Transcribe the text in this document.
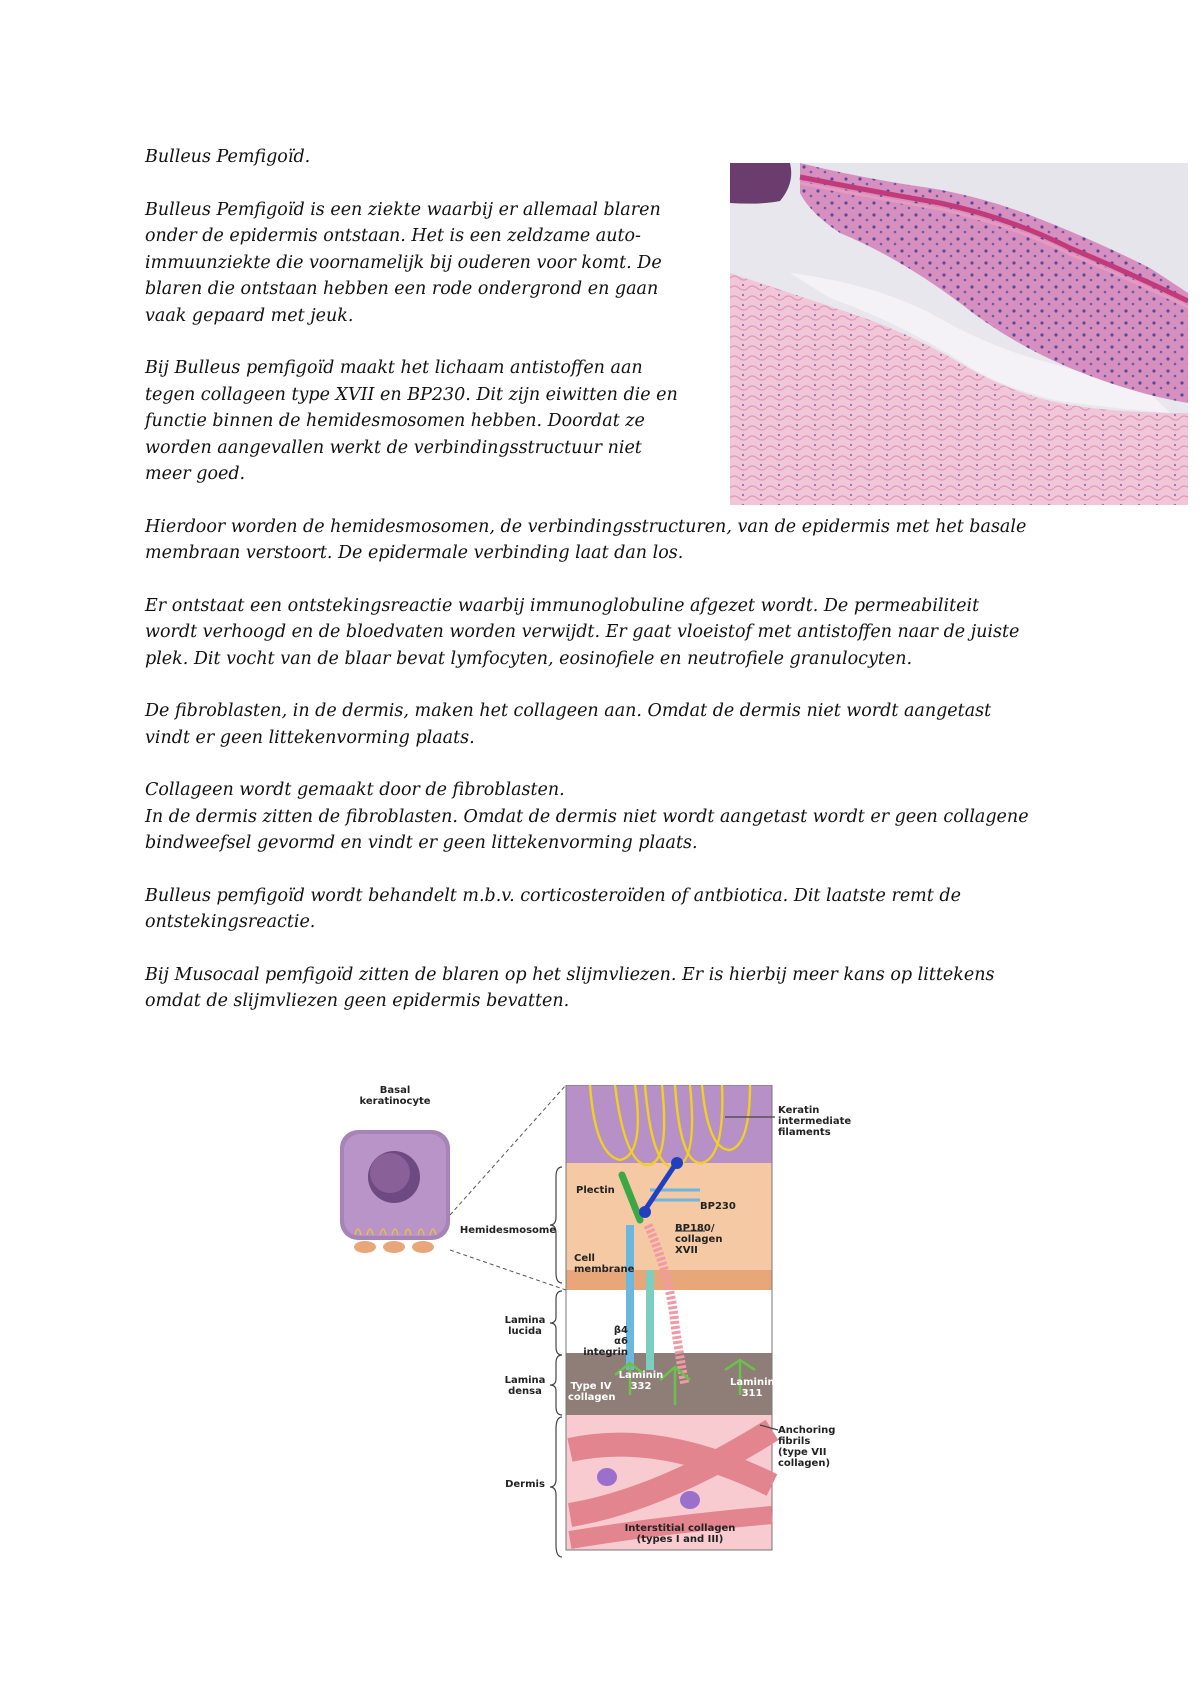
Bulleus Pemfigoïd.

Bulleus Pemfigoïd is een ziekte waarbij er allemaal blaren
onder de epidermis ontstaan. Het is een zeldzame auto-
immuunziekte die voornamelijk bij ouderen voor komt. De
blaren die ontstaan hebben een rode ondergrond en gaan
vaak gepaard met jeuk.

Bij Bulleus pemfigoïd maakt het lichaam antistoffen aan
tegen collageen type XVII en BP230. Dit zijn eiwitten die en
functie binnen de hemidesmosomen hebben. Doordat ze
worden aangevallen werkt de verbindingsstructuur niet
meer goed.

Hierdoor worden de hemidesmosomen, de verbindingsstructuren, van de epidermis met het basale
membraan verstoort. De epidermale verbinding laat dan los.

Er ontstaat een ontstekingsreactie waarbij immunoglobuline afgezet wordt. De permeabiliteit
wordt verhoogd en de bloedvaten worden verwijdt. Er gaat vloeistof met antistoffen naar de juiste
plek. Dit vocht van de blaar bevat lymfocyten, eosinofiele en neutrofiele granulocyten.

De fibroblasten, in de dermis, maken het collageen aan. Omdat de dermis niet wordt aangetast
vindt er geen littekenvorming plaats.

Collageen wordt gemaakt door de fibroblasten.
In de dermis zitten de fibroblasten. Omdat de dermis niet wordt aangetast wordt er geen collagene
bindweefsel gevormd en vindt er geen littekenvorming plaats.

Bulleus pemfigoïd wordt behandelt m.b.v. corticosteroïden of antbiotica. Dit laatste remt de
ontstekingsreactie.

Bij Musocaal pemfigoïd zitten de blaren op het slijmvliezen. Er is hierbij meer kans op littekens
omdat de slijmvliezen geen epidermis bevatten.

Basal
keratinocyte
Keratin
intermediate
filaments
Plectin
BP230
BP180/
collagen
XVII
Hemidesmosome
Cell
membrane
Lamina
lucida	β4
α6
integrin
Lamina
densa	Type IV
collagen
Laminin
332	Laminin
311
Anchoring
fibrils
(type VII
collagen)
Dermis
Interstitial collagen
(types I and III)
